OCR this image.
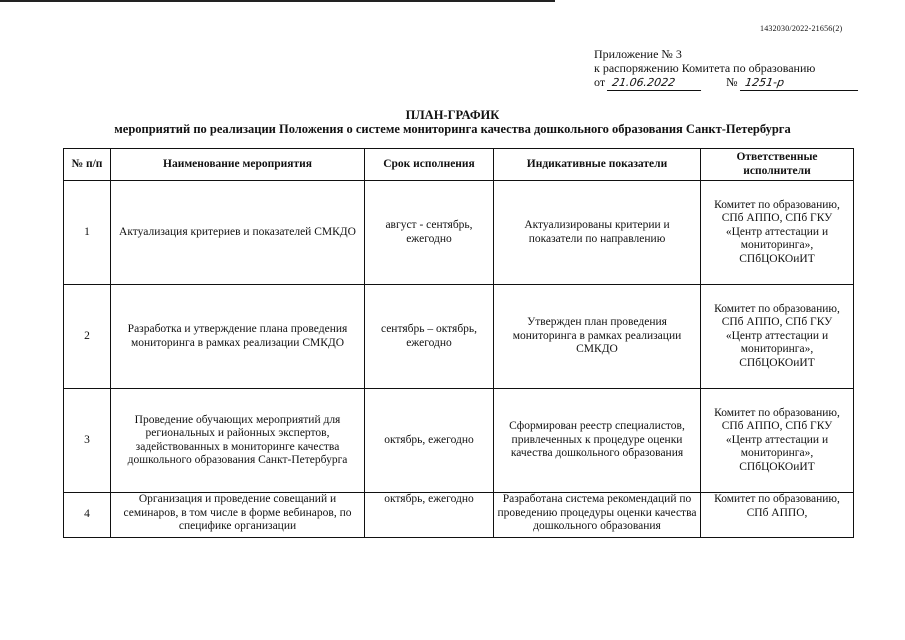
1432030/2022-21656(2)
Приложение № 3
к распоряжению Комитета по образованию
от 21.06.2022	№ 1251-р
ПЛАН-ГРАФИК
мероприятий по реализации Положения о системе мониторинга качества дошкольного образования Санкт-Петербурга
№ п/п	Наименование мероприятия	Срок исполнения	Индикативные показатели	Ответственные исполнители
1	Актуализация критериев и показателей СМКДО	август - сентябрь, ежегодно	Актуализированы критерии и показатели по направлению	Комитет по образованию, СПб АППО, СПб ГКУ «Центр аттестации и мониторинга», СПбЦОКОиИТ
2	Разработка и утверждение плана проведения мониторинга в рамках реализации СМКДО	сентябрь – октябрь, ежегодно	Утвержден план проведения мониторинга в рамках реализации СМКДО	Комитет по образованию, СПб АППО, СПб ГКУ «Центр аттестации и мониторинга», СПбЦОКОиИТ
3	Проведение обучающих мероприятий для региональных и районных экспертов, задействованных в мониторинге качества дошкольного образования Санкт-Петербурга	октябрь, ежегодно	Сформирован реестр специалистов, привлеченных к процедуре оценки качества дошкольного образования	Комитет по образованию, СПб АППО, СПб ГКУ «Центр аттестации и мониторинга», СПбЦОКОиИТ
4	Организация и проведение совещаний и семинаров, в том числе в форме вебинаров, по специфике организации	октябрь, ежегодно	Разработана система рекомендаций по проведению процедуры оценки качества дошкольного образования	Комитет по образованию, СПб АППО,
